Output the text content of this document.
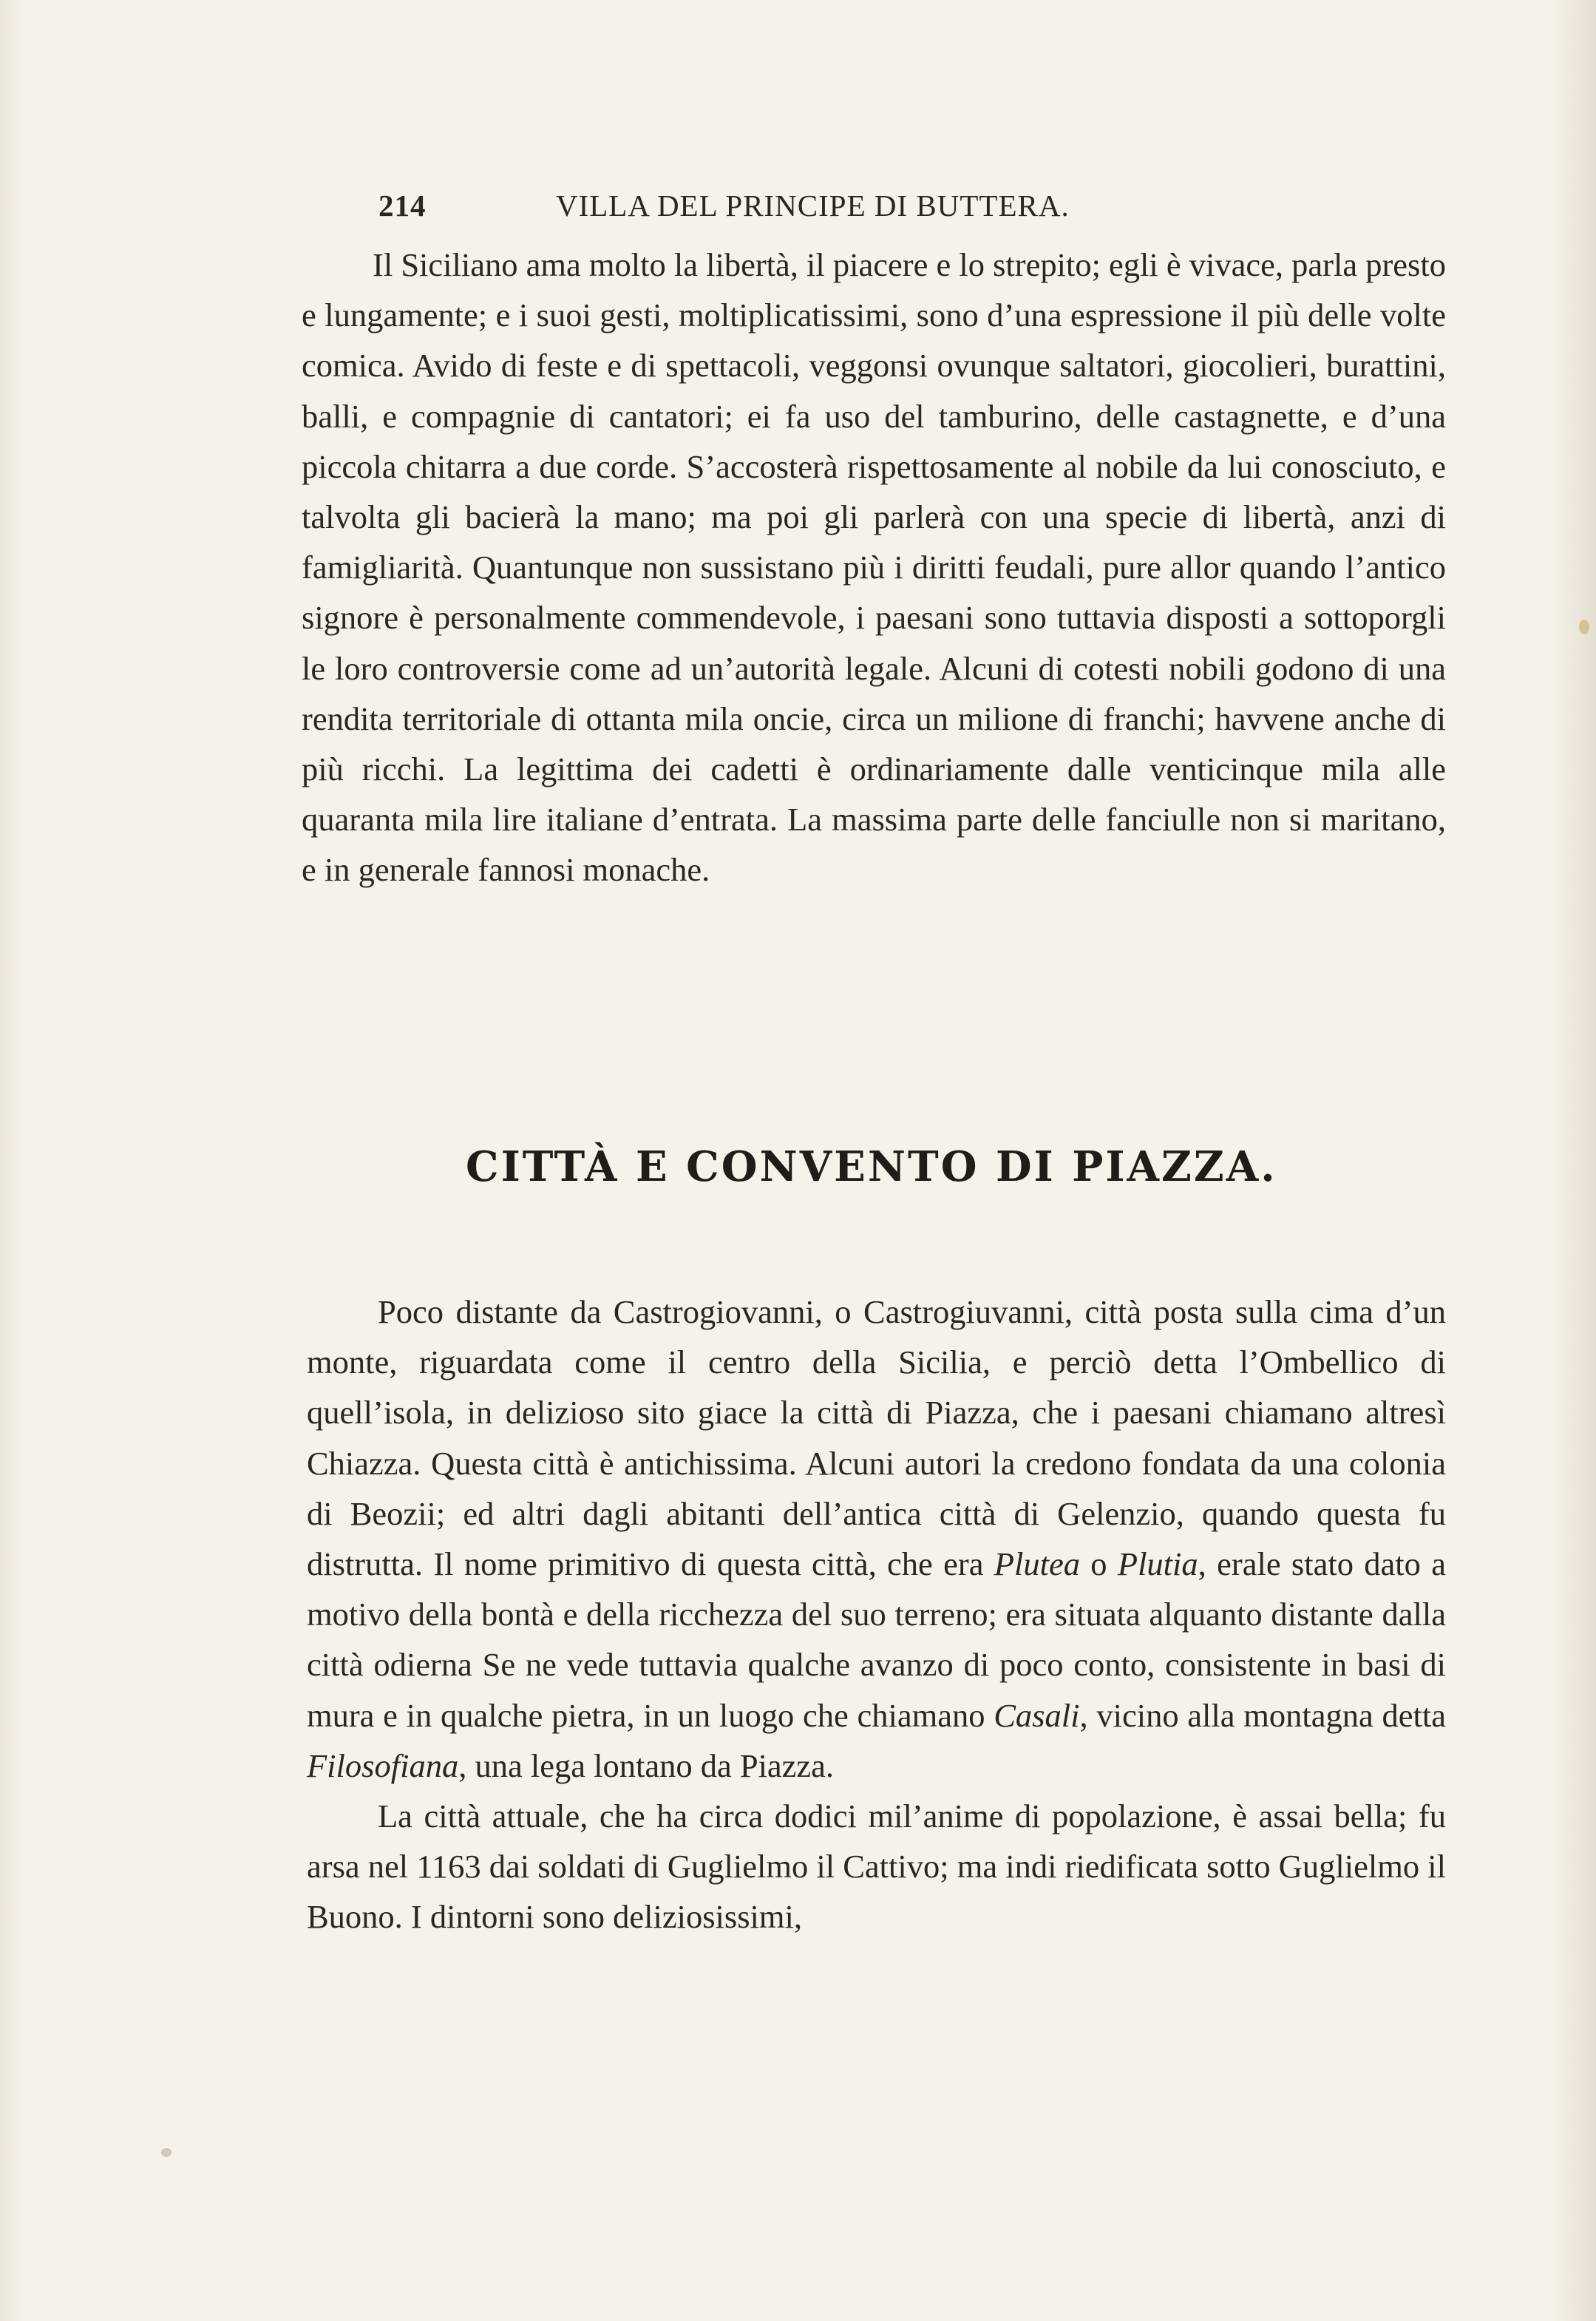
214	VILLA DEL PRINCIPE DI BUTTERA.

Il Siciliano ama molto la libertà, il piacere e lo strepito; egli è vivace, parla presto e lungamente; e i suoi gesti, moltiplicatissimi, sono d’una espressione il più delle volte comica. Avido di feste e di spettacoli, veggonsi ovunque saltatori, giocolieri, burattini, balli, e compagnie di cantatori; ei fa uso del tamburino, delle castagnette, e d’una piccola chitarra a due corde. S’accosterà rispettosamente al nobile da lui conosciuto, e talvolta gli bacierà la mano; ma poi gli parlerà con una specie di libertà, anzi di famigliarità. Quantunque non sussistano più i diritti feudali, pure allor quando l’antico signore è personalmente commendevole, i paesani sono tuttavia disposti a sottoporgli le loro controversie come ad un’autorità legale. Alcuni di cotesti nobili godono di una rendita territoriale di ottanta mila oncie, circa un milione di franchi; havvene anche di più ricchi. La legittima dei cadetti è ordinariamente dalle venticinque mila alle quaranta mila lire italiane d’entrata. La massima parte delle fanciulle non si maritano, e in generale fannosi monache.

CITTÀ E CONVENTO DI PIAZZA.

Poco distante da Castrogiovanni, o Castrogiuvanni, città posta sulla cima d’un monte, riguardata come il centro della Sicilia, e perciò detta l’Ombellico di quell’isola, in delizioso sito giace la città di Piazza, che i paesani chiamano altresì Chiazza. Questa città è antichissima. Alcuni autori la credono fondata da una colonia di Beozii; ed altri dagli abitanti dell’antica città di Gelenzio, quando questa fu distrutta. Il nome primitivo di questa città, che era Plutea o Plutia, erale stato dato a motivo della bontà e della ricchezza del suo terreno; era situata alquanto distante dalla città odierna Se ne vede tuttavia qualche avanzo di poco conto, consistente in basi di mura e in qualche pietra, in un luogo che chiamano Casali, vicino alla montagna detta Filosofiana, una lega lontano da Piazza.

La città attuale, che ha circa dodici mil’anime di popolazione, è assai bella; fu arsa nel 1163 dai soldati di Guglielmo il Cattivo; ma indi riedificata sotto Guglielmo il Buono. I dintorni sono deliziosissimi,
